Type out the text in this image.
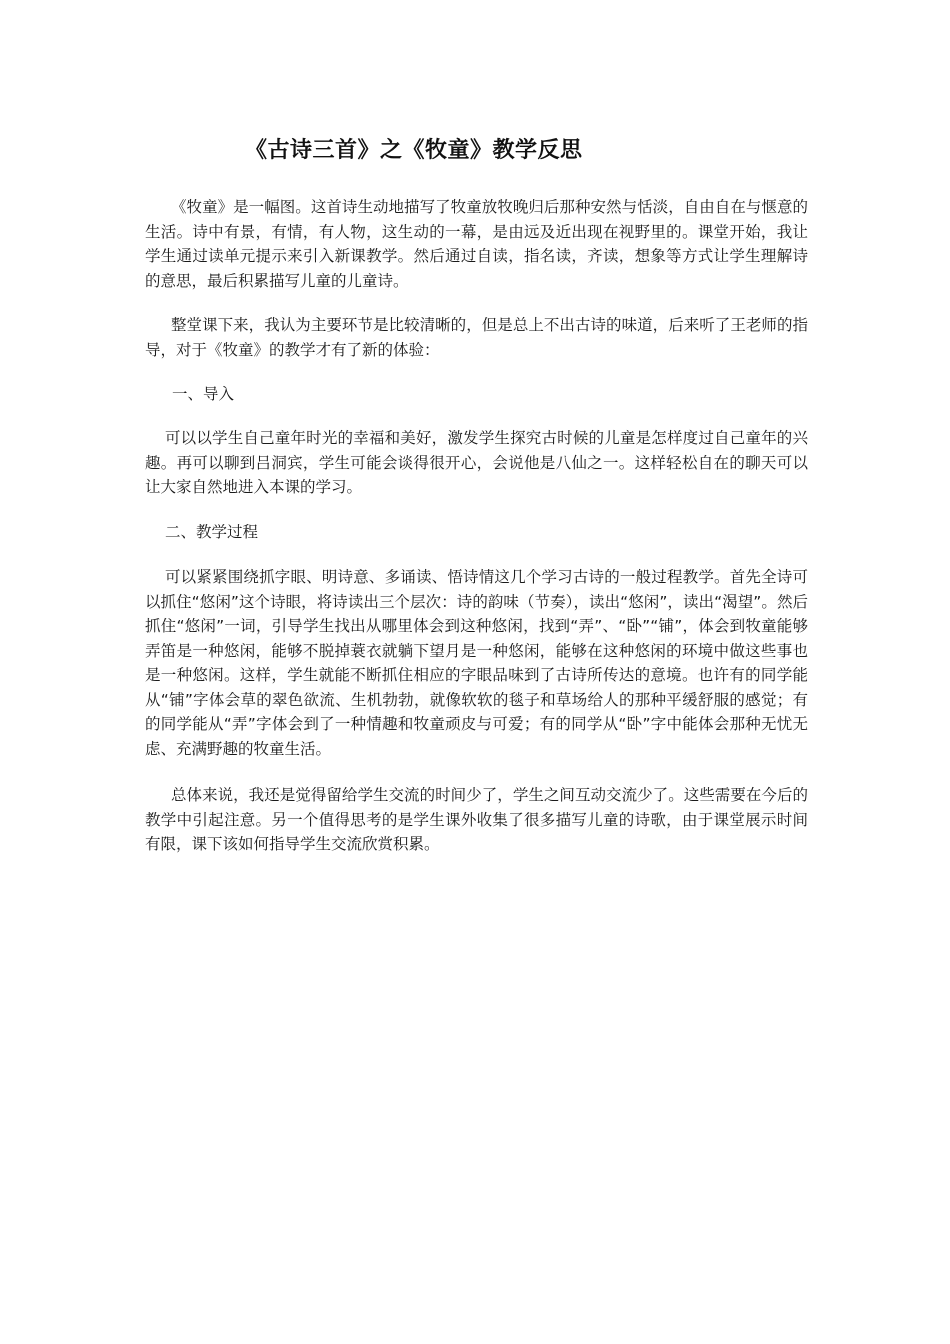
《古诗三首》之《牧童》教学反思
《牧童》是一幅图。这首诗生动地描写了牧童放牧晚归后那种安然与恬淡，自由自在与惬意的生活。诗中有景，有情，有人物，这生动的一幕，是由远及近出现在视野里的。课堂开始，我让学生通过读单元提示来引入新课教学。然后通过自读，指名读，齐读，想象等方式让学生理解诗的意思，最后积累描写儿童的儿童诗。
整堂课下来，我认为主要环节是比较清晰的，但是总上不出古诗的味道，后来听了王老师的指导，对于《牧童》的教学才有了新的体验：
一、导入
可以以学生自己童年时光的幸福和美好，激发学生探究古时候的儿童是怎样度过自己童年的兴趣。再可以聊到吕洞宾，学生可能会谈得很开心，会说他是八仙之一。这样轻松自在的聊天可以让大家自然地进入本课的学习。
二、教学过程
可以紧紧围绕抓字眼、明诗意、多诵读、悟诗情这几个学习古诗的一般过程教学。首先全诗可以抓住“悠闲”这个诗眼，将诗读出三个层次：诗的韵味（节奏），读出“悠闲”，读出“渴望”。然后抓住“悠闲”一词，引导学生找出从哪里体会到这种悠闲，找到“弄”、“卧”“铺”，体会到牧童能够弄笛是一种悠闲，能够不脱掉蓑衣就躺下望月是一种悠闲，能够在这种悠闲的环境中做这些事也是一种悠闲。这样，学生就能不断抓住相应的字眼品味到了古诗所传达的意境。也许有的同学能从“铺”字体会草的翠色欲流、生机勃勃，就像软软的毯子和草场给人的那种平缓舒服的感觉；有的同学能从“弄”字体会到了一种情趣和牧童顽皮与可爱；有的同学从“卧”字中能体会那种无忧无虑、充满野趣的牧童生活。
总体来说，我还是觉得留给学生交流的时间少了，学生之间互动交流少了。这些需要在今后的教学中引起注意。另一个值得思考的是学生课外收集了很多描写儿童的诗歌，由于课堂展示时间有限，课下该如何指导学生交流欣赏积累。
